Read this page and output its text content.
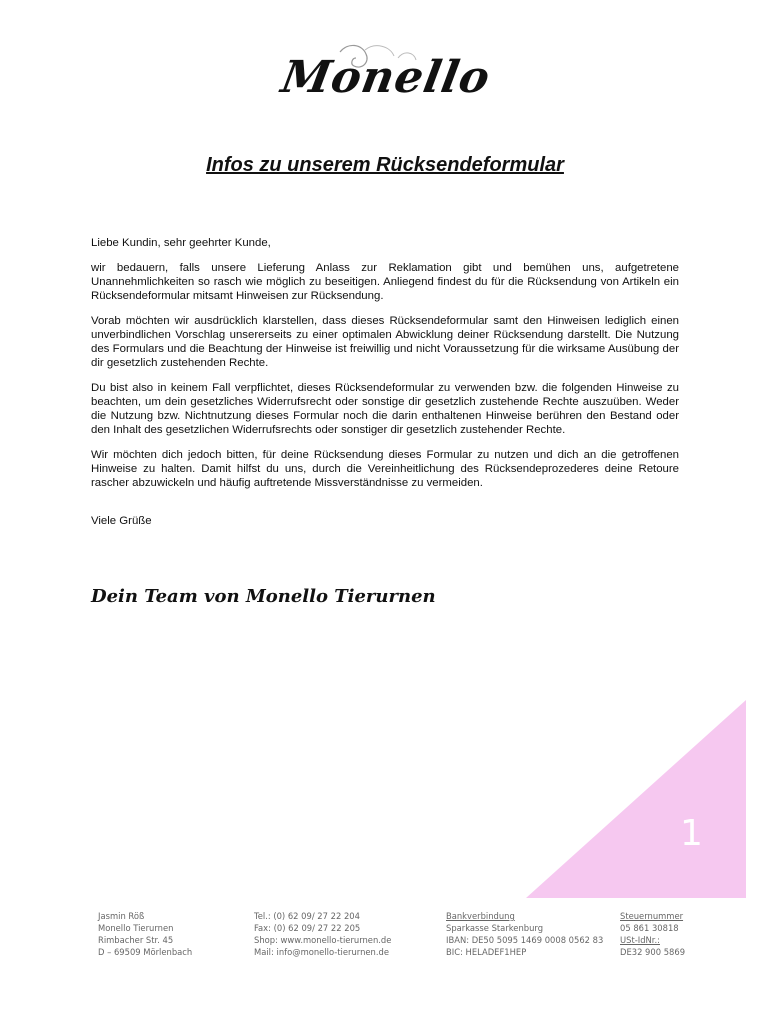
Monello
Infos zu unserem Rücksendeformular

Liebe Kundin, sehr geehrter Kunde,

wir bedauern, falls unsere Lieferung Anlass zur Reklamation gibt und bemühen uns, aufgetretene Unannehmlichkeiten so rasch wie möglich zu beseitigen. Anliegend findest du für die Rücksendung von Artikeln ein Rücksendeformular mitsamt Hinweisen zur Rücksendung.

Vorab möchten wir ausdrücklich klarstellen, dass dieses Rücksendeformular samt den Hinweisen lediglich einen unverbindlichen Vorschlag unsererseits zu einer optimalen Abwicklung deiner Rücksendung darstellt. Die Nutzung des Formulars und die Beachtung der Hinweise ist freiwillig und nicht Voraussetzung für die wirksame Ausübung der dir gesetzlich zustehenden Rechte.

Du bist also in keinem Fall verpflichtet, dieses Rücksendeformular zu verwenden bzw. die folgenden Hinweise zu beachten, um dein gesetzliches Widerrufsrecht oder sonstige dir gesetzlich zustehende Rechte auszuüben. Weder die Nutzung bzw. Nichtnutzung dieses Formular noch die darin enthaltenen Hinweise berühren den Bestand oder den Inhalt des gesetzlichen Widerrufsrechts oder sonstiger dir gesetzlich zustehender Rechte.

Wir möchten dich jedoch bitten, für deine Rücksendung dieses Formular zu nutzen und dich an die getroffenen Hinweise zu halten. Damit hilfst du uns, durch die Vereinheitlichung des Rücksendeprozederes deine Retoure rascher abzuwickeln und häufig auftretende Missverständnisse zu vermeiden.

Viele Grüße

Dein Team von Monello Tierurnen
1
Jasmin Röß
Monello Tierurnen
Rimbacher Str. 45
D – 69509 Mörlenbach
Tel.: (0) 62 09/ 27 22 204
Fax: (0) 62 09/ 27 22 205
Shop: www.monello-tierurnen.de
Mail: info@monello-tierurnen.de
Bankverbindung
Sparkasse Starkenburg
IBAN: DE50 5095 1469 0008 0562 83
BIC: HELADEF1HEP
Steuernummer
05 861 30818
USt-IdNr.:
DE32 900 5869
